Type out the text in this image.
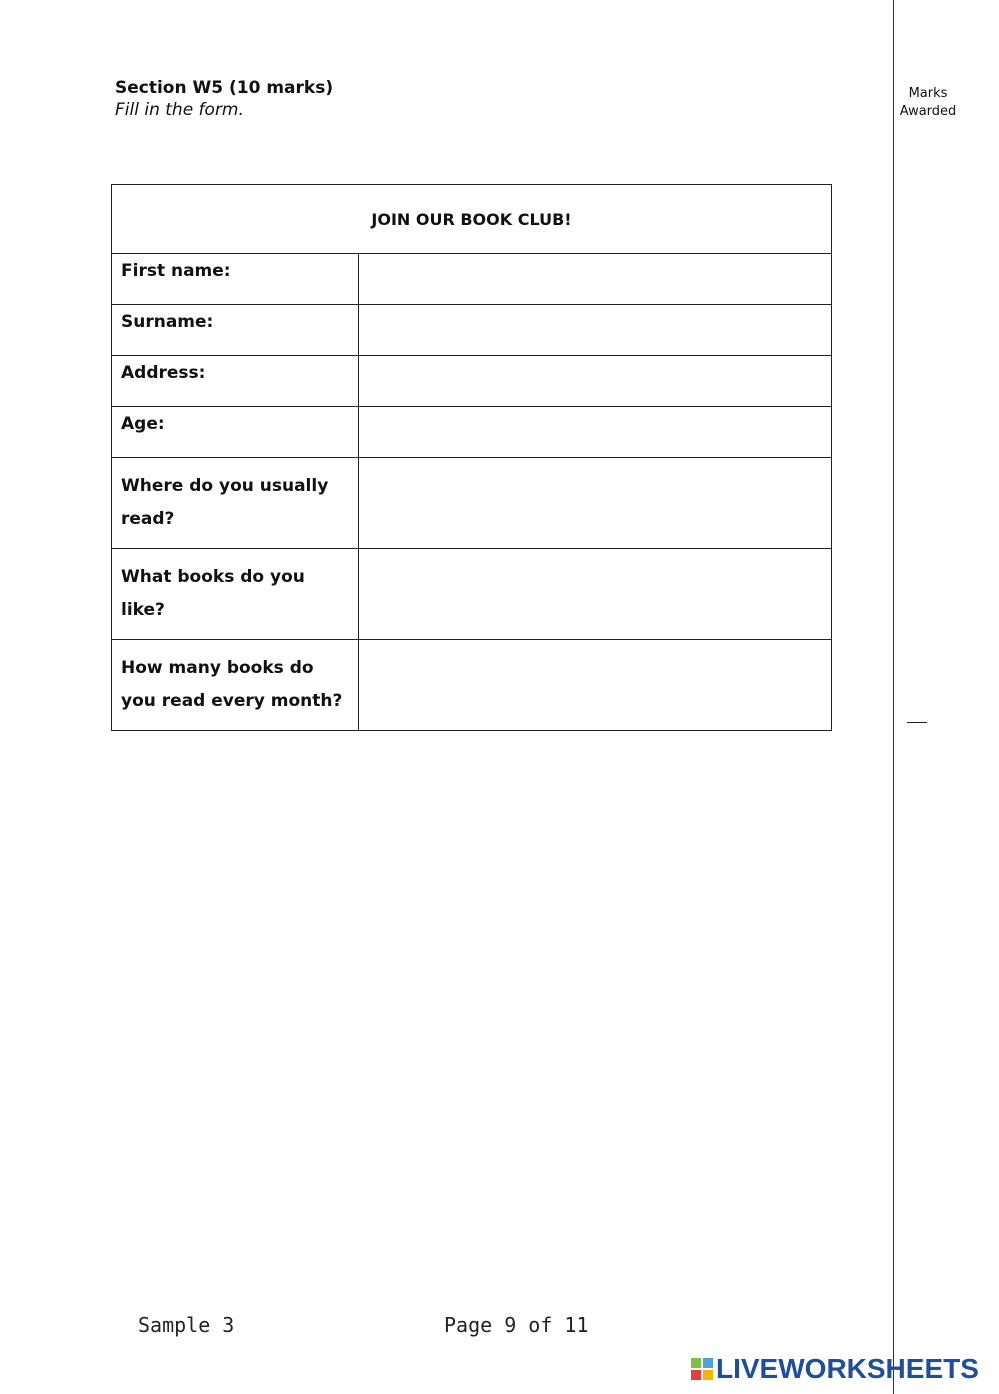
Marks Awarded
Section W5 (10 marks)
Fill in the form.
JOIN OUR BOOK CLUB!	
First name:	
Surname:	
Address:	
Age:	
Where do you usually read?	
What books do you like?	
How many books do you read every month?	
Sample 3	Page 9 of 11
LIVEWORKSHEETS
